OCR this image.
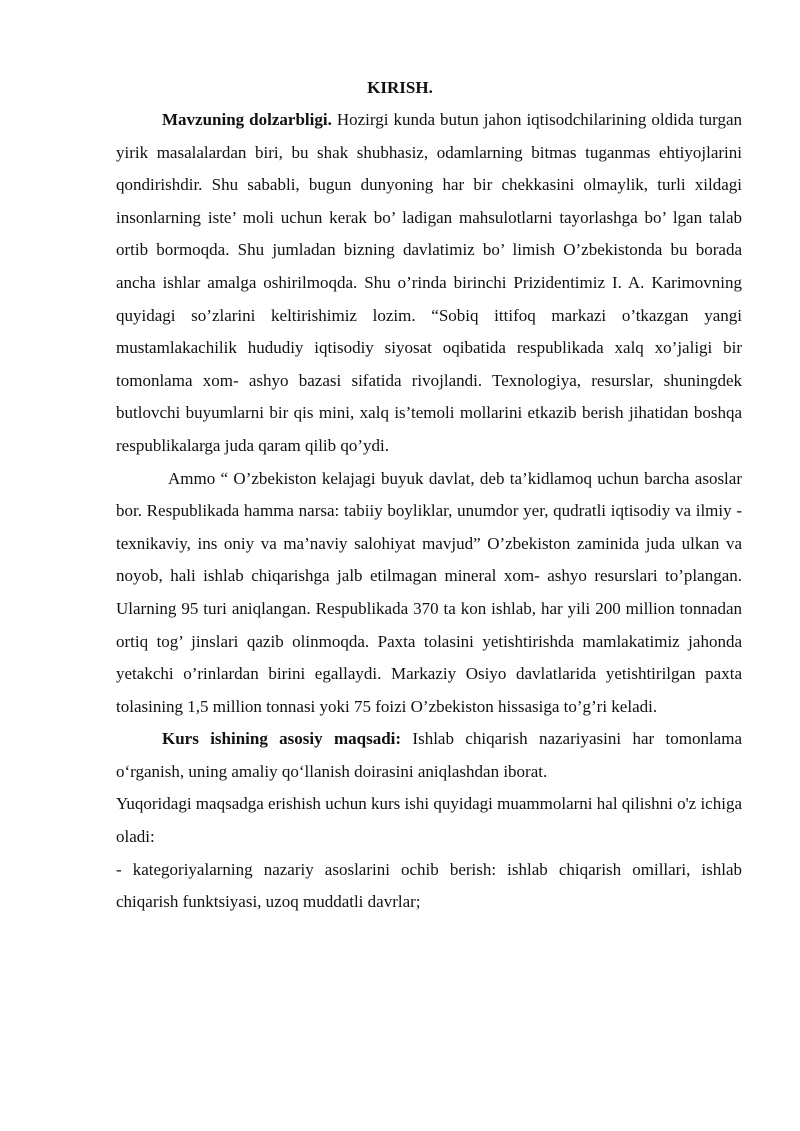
KIRISH.

Mavzuning dolzarbligi. Hozirgi kunda butun jahon iqtisodchilarining oldida turgan yirik masalalardan biri, bu shak shubhasiz, odamlarning bitmas tuganmas ehtiyojlarini qondirishdir. Shu sababli, bugun dunyoning har bir chekkasini olmaylik, turli xildagi insonlarning iste’ moli uchun kerak bo’ ladigan mahsulotlarni tayorlashga bo’ lgan talab ortib bormoqda. Shu jumladan bizning davlatimiz bo’ limish O’zbekistonda bu borada ancha ishlar amalga oshirilmoqda. Shu o’rinda birinchi Prizidentimiz I. A. Karimovning quyidagi so’zlarini keltirishimiz lozim. “Sobiq ittifoq markazi o’tkazgan yangi mustamlakachilik hududiy iqtisodiy siyosat oqibatida respublikada xalq xo’jaligi bir tomonlama xom- ashyo bazasi sifatida rivojlandi. Texnologiya, resurslar, shuningdek butlovchi buyumlarni bir qis mini, xalq is’temoli mollarini etkazib berish jihatidan boshqa respublikalarga juda qaram qilib qo’ydi.

Ammo “ O’zbekiston kelajagi buyuk davlat, deb ta’kidlamoq uchun barcha asoslar bor. Respublikada hamma narsa: tabiiy boyliklar, unumdor yer, qudratli iqtisodiy va ilmiy - texnikaviy, ins oniy va ma’naviy salohiyat mavjud” O’zbekiston zaminida juda ulkan va noyob, hali ishlab chiqarishga jalb etilmagan mineral xom- ashyo resurslari to’plangan. Ularning 95 turi aniqlangan. Respublikada 370 ta kon ishlab, har yili 200 million tonnadan ortiq tog’ jinslari qazib olinmoqda. Paxta tolasini yetishtirishda mamlakatimiz jahonda yetakchi o’rinlardan birini egallaydi. Markaziy Osiyo davlatlarida yetishtirilgan paxta tolasining 1,5 million tonnasi yoki 75 foizi O’zbekiston hissasiga to’g’ri keladi.

Kurs ishining asosiy maqsadi: Ishlab chiqarish nazariyasini har tomonlama o‘rganish, uning amaliy qo‘llanish doirasini aniqlashdan iborat.

Yuqoridagi maqsadga erishish uchun kurs ishi quyidagi muammolarni hal qilishni o'z ichiga oladi:

- kategoriyalarning nazariy asoslarini ochib berish: ishlab chiqarish omillari, ishlab chiqarish funktsiyasi, uzoq muddatli davrlar;
